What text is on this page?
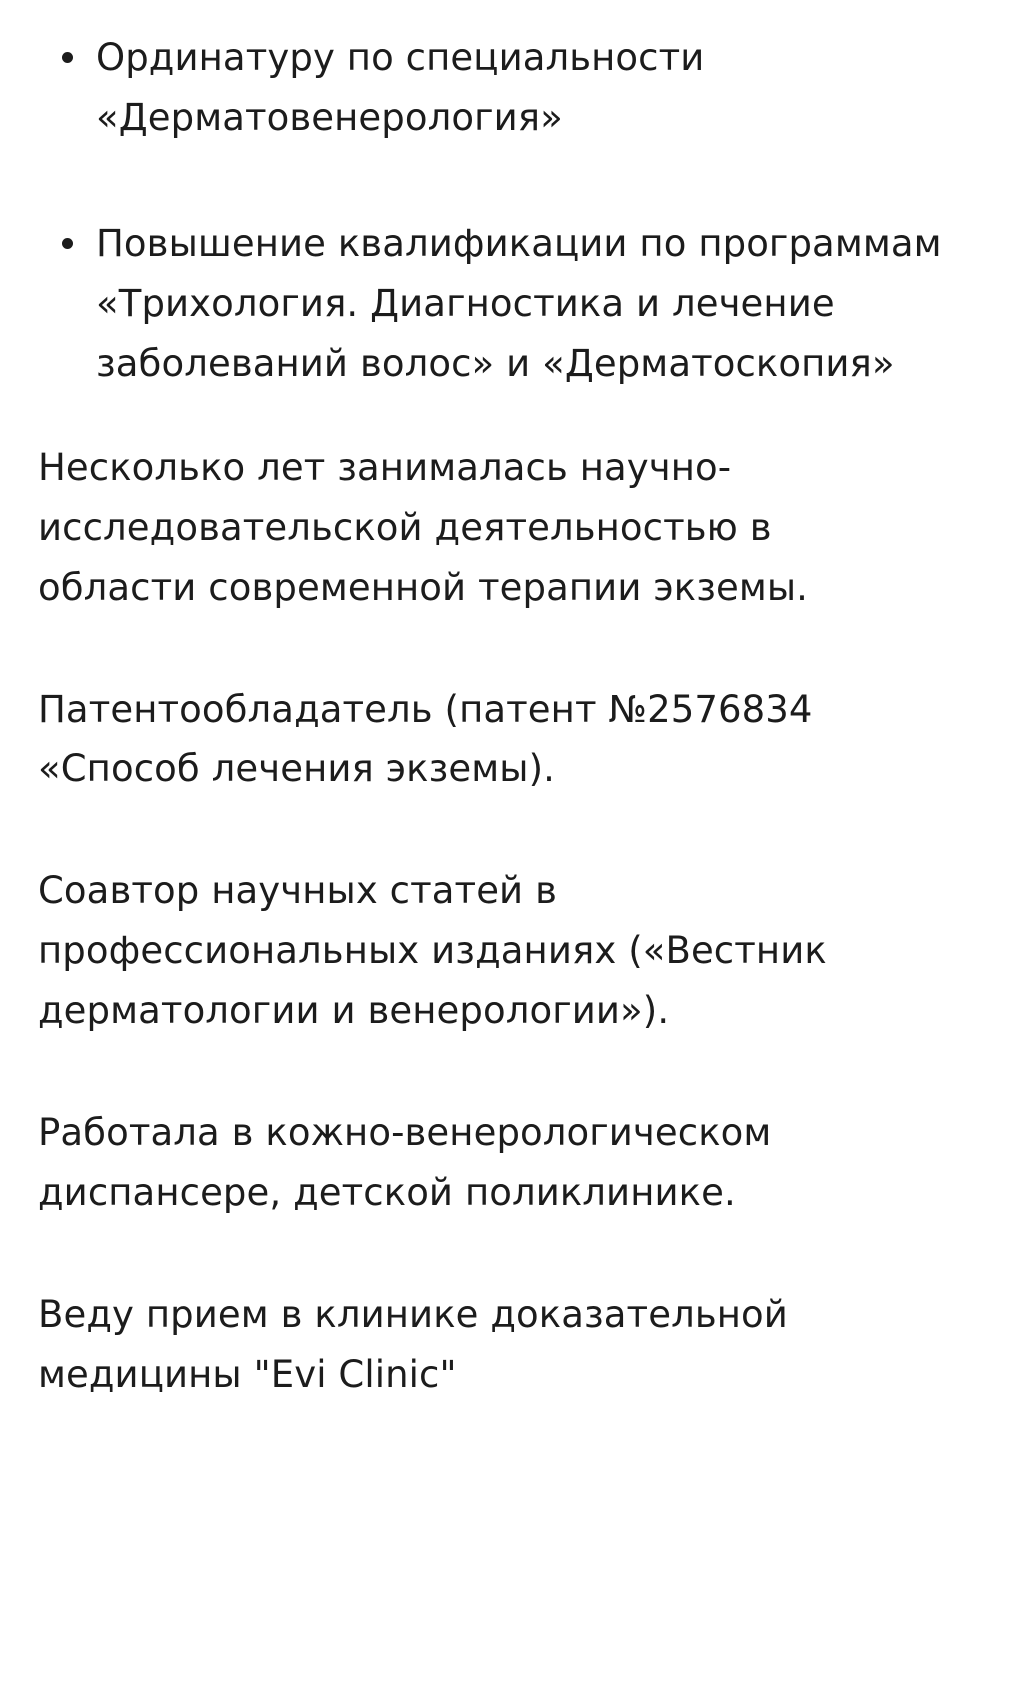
Ординатуру по специальности «Дерматовенерология»
Повышение квалификации по программам «Трихология. Диагностика и лечение заболеваний волос» и «Дерматоскопия»

Несколько лет занималась научно-исследовательской деятельностью в области современной терапии экземы.

Патентообладатель (патент №2576834 «Способ лечения экземы).

Соавтор научных статей в профессиональных изданиях («Вестник дерматологии и венерологии»).

Работала в кожно-венерологическом диспансере, детской поликлинике.

Веду прием в клинике доказательной медицины "Evi Clinic"
